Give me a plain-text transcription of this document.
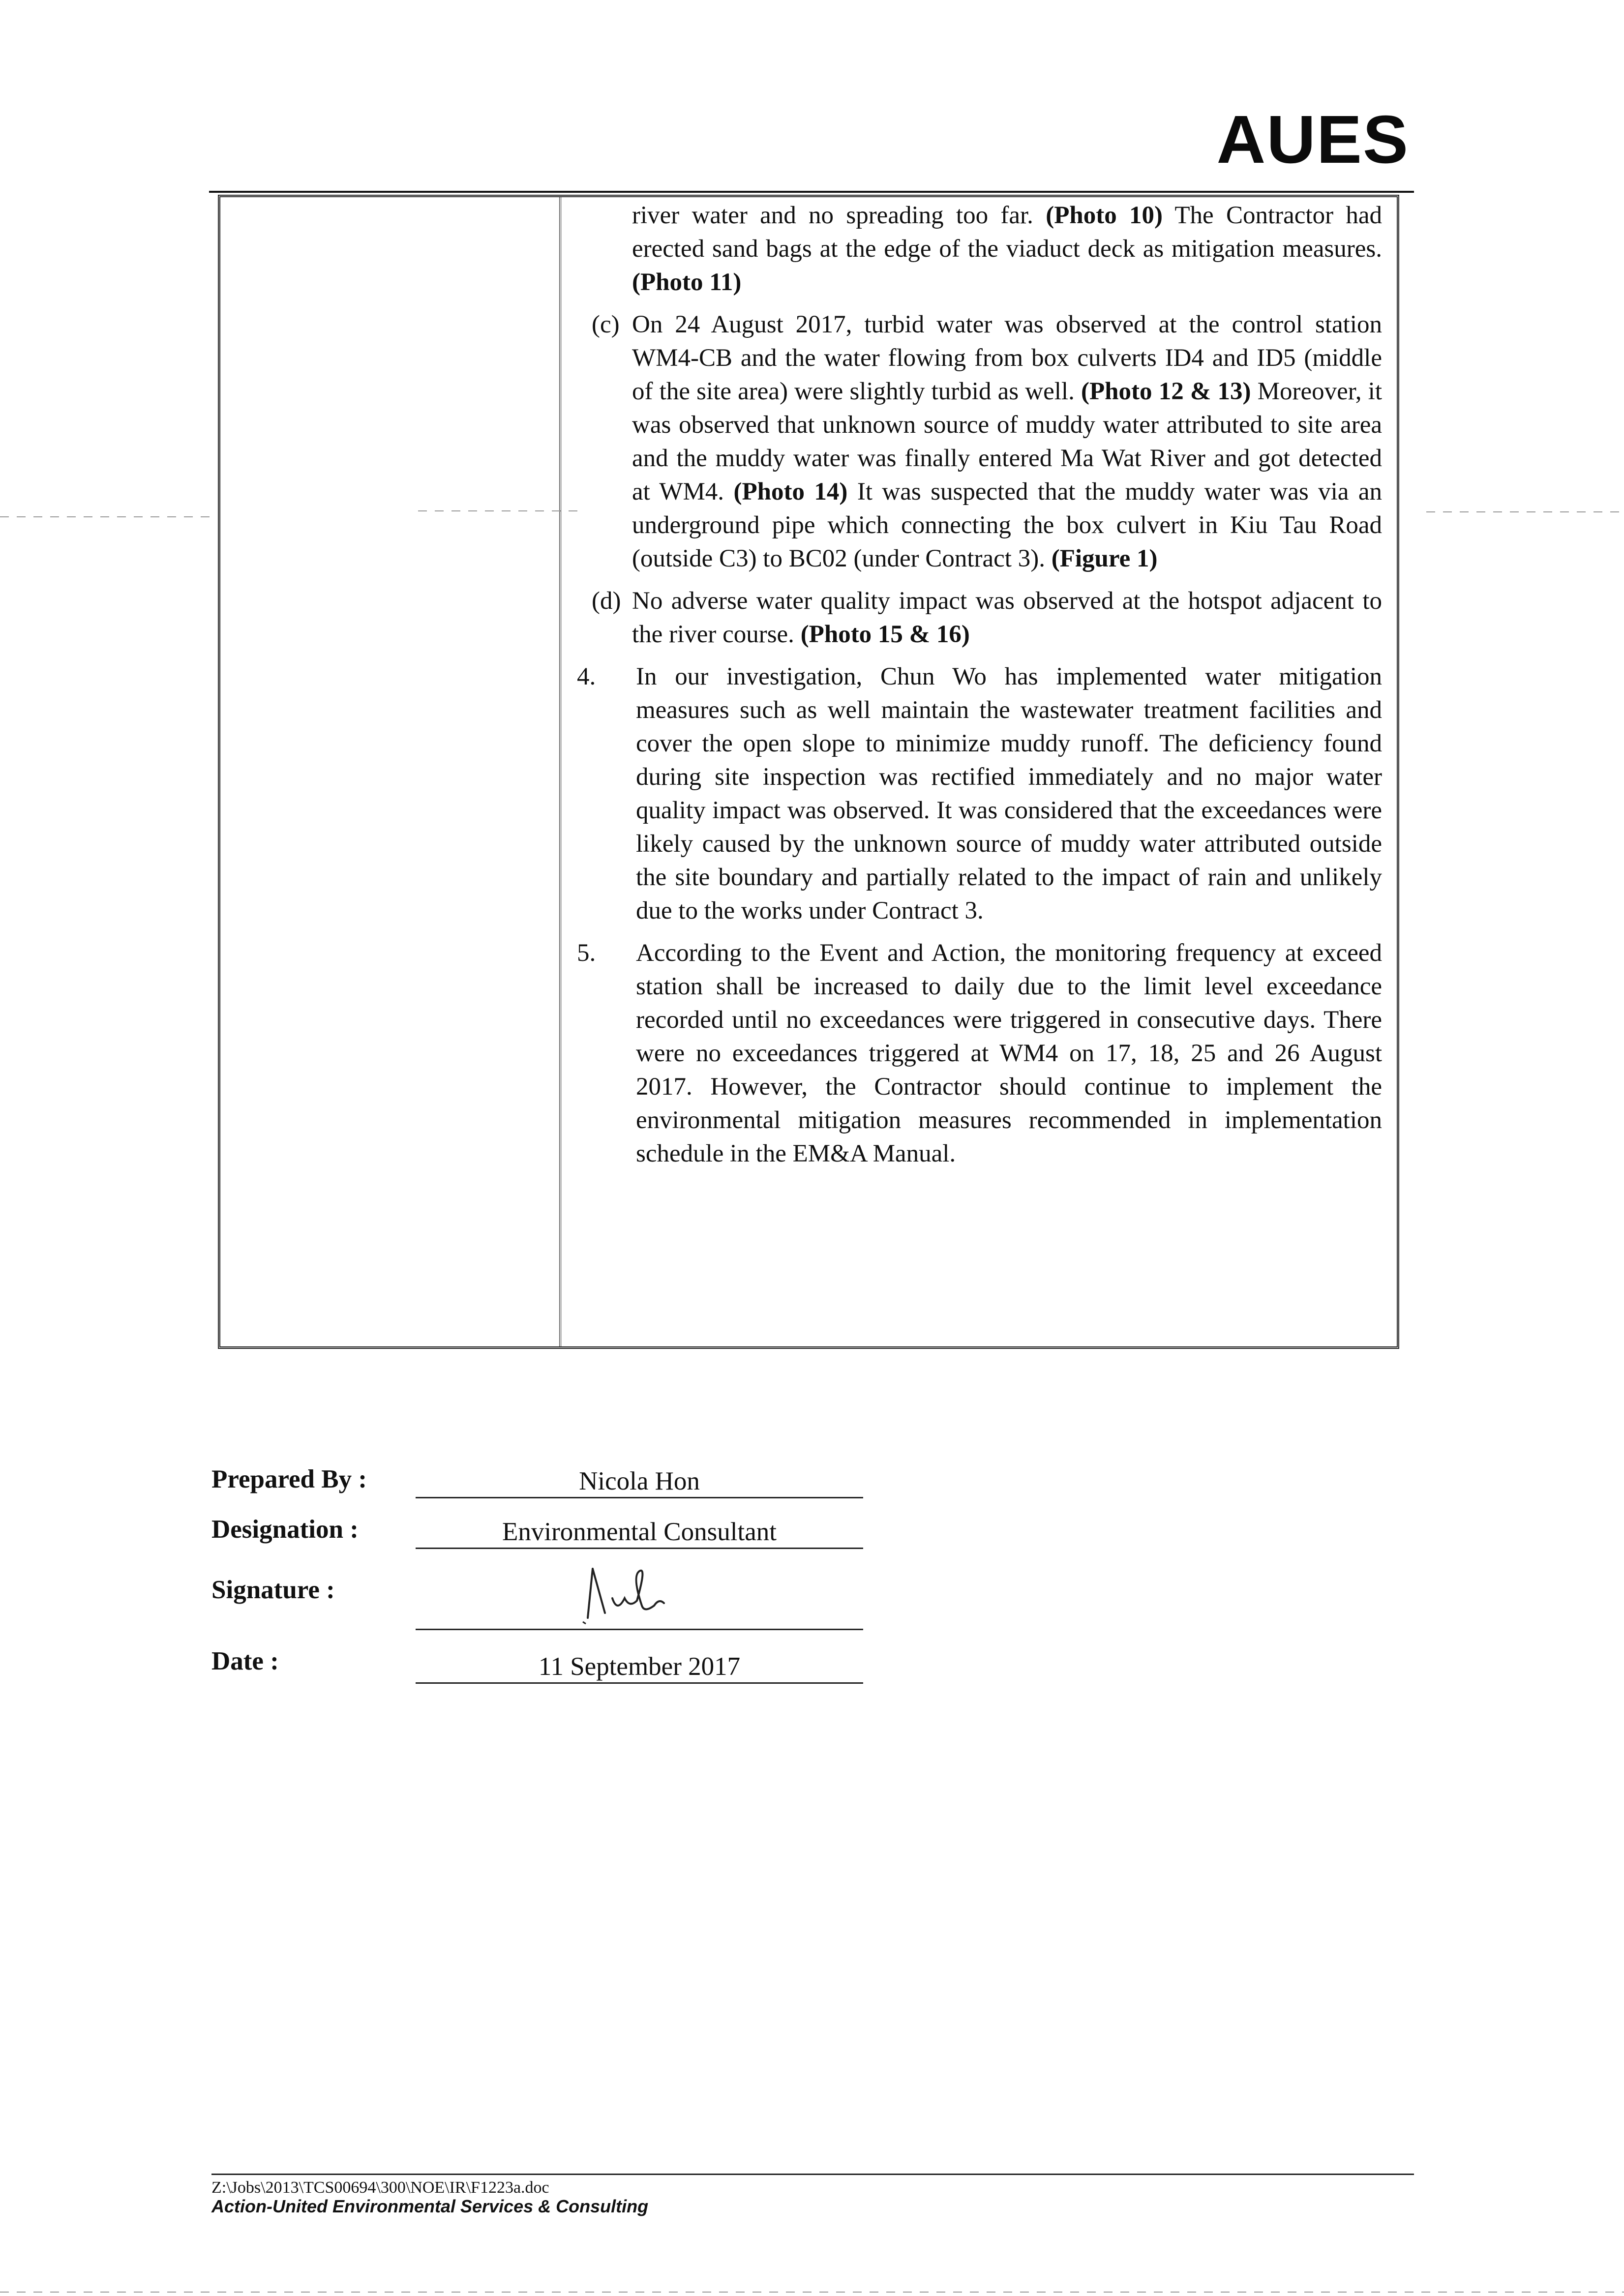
AUES

river water and no spreading too far. (Photo 10) The Contractor had erected sand bags at the edge of the viaduct deck as mitigation measures. (Photo 11)

(c) On 24 August 2017, turbid water was observed at the control station WM4-CB and the water flowing from box culverts ID4 and ID5 (middle of the site area) were slightly turbid as well. (Photo 12 & 13) Moreover, it was observed that unknown source of muddy water attributed to site area and the muddy water was finally entered Ma Wat River and got detected at WM4. (Photo 14) It was suspected that the muddy water was via an underground pipe which connecting the box culvert in Kiu Tau Road (outside C3) to BC02 (under Contract 3). (Figure 1)

(d) No adverse water quality impact was observed at the hotspot adjacent to the river course. (Photo 15 & 16)

4. In our investigation, Chun Wo has implemented water mitigation measures such as well maintain the wastewater treatment facilities and cover the open slope to minimize muddy runoff. The deficiency found during site inspection was rectified immediately and no major water quality impact was observed. It was considered that the exceedances were likely caused by the unknown source of muddy water attributed outside the site boundary and partially related to the impact of rain and unlikely due to the works under Contract 3.

5. According to the Event and Action, the monitoring frequency at exceed station shall be increased to daily due to the limit level exceedance recorded until no exceedances were triggered in consecutive days. There were no exceedances triggered at WM4 on 17, 18, 25 and 26 August 2017. However, the Contractor should continue to implement the environmental mitigation measures recommended in implementation schedule in the EM&A Manual.

Prepared By :	Nicola Hon
Designation :	Environmental Consultant
Signature :
Date :	11 September 2017
Z:\Jobs\2013\TCS00694\300\NOE\IR\F1223a.doc
Action-United Environmental Services & Consulting
